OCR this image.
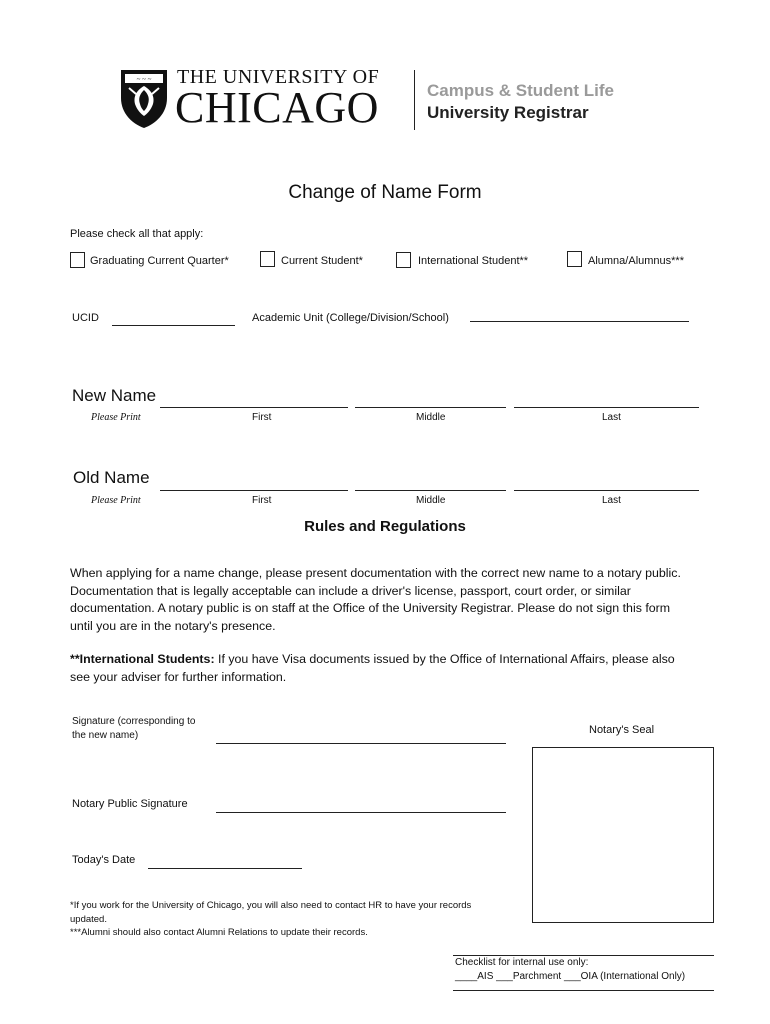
~ ~ ~ THE UNIVERSITY OF
CHICAGO	Campus & Student Life
University Registrar
Change of Name Form
Please check all that apply:
Graduating Current Quarter*	Current Student*	International Student**	Alumna/Alumnus***
UCID	Academic Unit (College/Division/School)
New Name
Please Print	First	Middle	Last
Old Name
Please Print	First	Middle	Last
Rules and Regulations
When applying for a name change, please present documentation with the correct new name to a notary public. Documentation that is legally acceptable can include a driver's license, passport, court order, or similar documentation. A notary public is on staff at the Office of the University Registrar. Please do not sign this form until you are in the notary's presence.
**International Students: If you have Visa documents issued by the Office of International Affairs, please also see your adviser for further information.
Signature (corresponding to the new name)	Notary's Seal
Notary Public Signature
Today's Date
*If you work for the University of Chicago, you will also need to contact HR to have your records updated.
***Alumni should also contact Alumni Relations to update their records.
Checklist for internal use only:
____AIS ___Parchment ___OIA (International Only)
